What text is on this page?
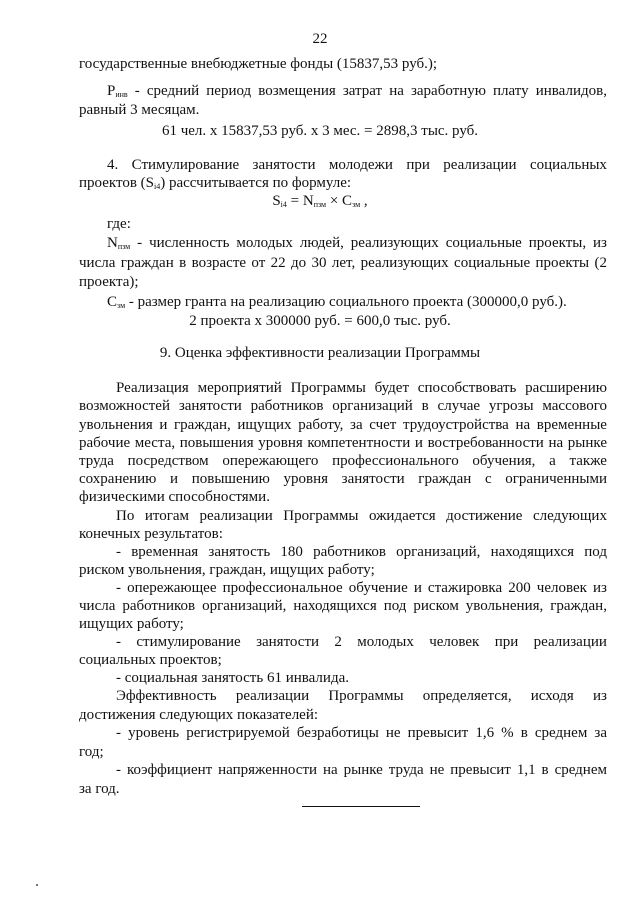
22
государственные внебюджетные фонды (15837,53 руб.);
$Р_{инв}$ - средний период возмещения затрат на заработную плату инвалидов,
равный 3 месяцам.
61 чел. х 15837,53 руб. х 3 мес. = 2898,3 тыс. руб.
4. Стимулирование занятости молодежи при реализации социальных
проектов $(S_{i4})$ рассчитывается по формуле:
$S_{i4} = N_{пзм} \times С_{зм}$ ,
где:
$N_{пзм}$ - численность молодых людей, реализующих социальные проекты, из
числа граждан в возрасте от 22 до 30 лет, реализующих социальные проекты (2
проекта);
$С_{зм}$ - размер гранта на реализацию социального проекта (300000,0 руб.).
2 проекта х 300000 руб. = 600,0 тыс. руб.
9. Оценка эффективности реализации Программы
Реализация мероприятий Программы будет способствовать расширению
возможностей занятости работников организаций в случае угрозы массового
увольнения и граждан, ищущих работу, за счет трудоустройства на временные
рабочие места, повышения уровня компетентности и востребованности на рынке
труда посредством опережающего профессионального обучения, а также
сохранению и повышению уровня занятости граждан с ограниченными
физическими способностями.
По итогам реализации Программы ожидается достижение следующих
конечных результатов:
- временная занятость 180 работников организаций, находящихся под
риском увольнения, граждан, ищущих работу;
- опережающее профессиональное обучение и стажировка 200 человек из
числа работников организаций, находящихся под риском увольнения, граждан,
ищущих работу;
- стимулирование занятости 2 молодых человек при реализации
социальных проектов;
- социальная занятость 61 инвалида.
Эффективность реализации Программы определяется, исходя из
достижения следующих показателей:
- уровень регистрируемой безработицы не превысит 1,6 % в среднем за
год;
- коэффициент напряженности на рынке труда не превысит 1,1 в среднем
за год.
